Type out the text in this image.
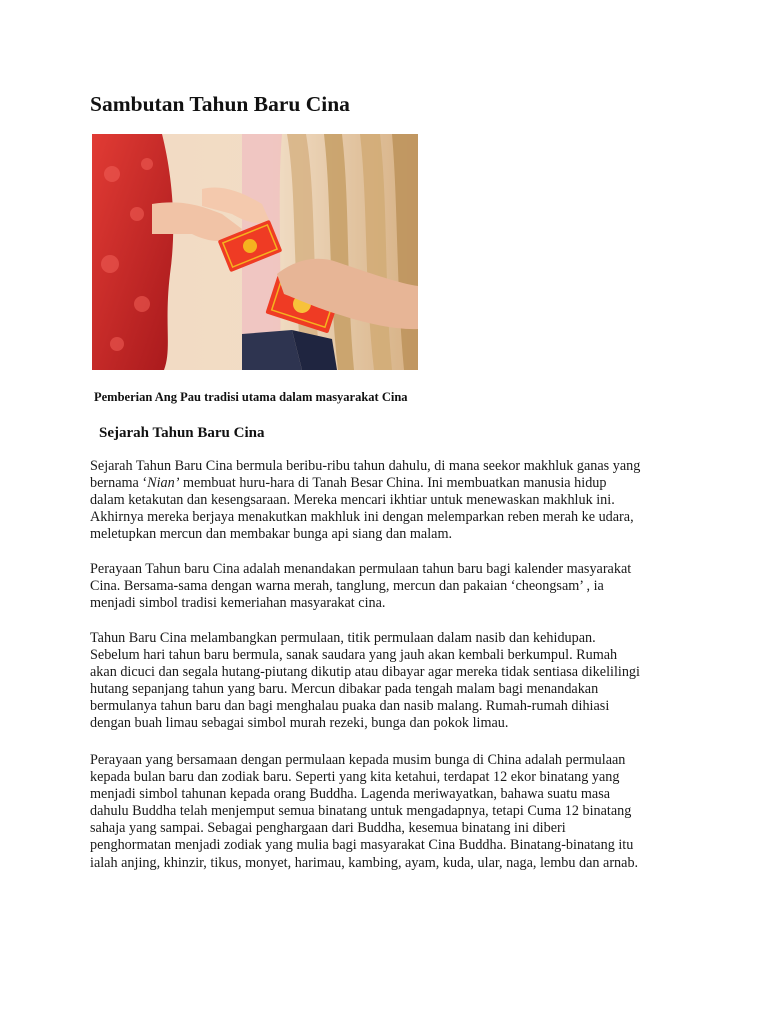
Sambutan Tahun Baru Cina
Pemberian Ang Pau tradisi utama dalam masyarakat Cina
Sejarah Tahun Baru Cina
Sejarah Tahun Baru Cina bermula beribu-ribu tahun dahulu, di mana seekor makhluk ganas yang
bernama ‘Nian’ membuat huru-hara di Tanah Besar China. Ini membuatkan manusia hidup
dalam ketakutan dan kesengsaraan. Mereka mencari ikhtiar untuk menewaskan makhluk ini.
Akhirnya mereka berjaya menakutkan makhluk ini dengan melemparkan reben merah ke udara,
meletupkan mercun dan membakar bunga api siang dan malam.
Perayaan Tahun baru Cina adalah menandakan permulaan tahun baru bagi kalender masyarakat
Cina. Bersama-sama dengan warna merah, tanglung, mercun dan pakaian ‘cheongsam’ , ia
menjadi simbol tradisi kemeriahan masyarakat cina.
Tahun Baru Cina melambangkan permulaan, titik permulaan dalam nasib dan kehidupan.
Sebelum hari tahun baru bermula, sanak saudara yang jauh akan kembali berkumpul. Rumah
akan dicuci dan segala hutang-piutang dikutip atau dibayar agar mereka tidak sentiasa dikelilingi
hutang sepanjang tahun yang baru. Mercun dibakar pada tengah malam bagi menandakan
bermulanya tahun baru dan bagi menghalau puaka dan nasib malang. Rumah-rumah dihiasi
dengan buah limau sebagai simbol murah rezeki, bunga dan pokok limau.
Perayaan yang bersamaan dengan permulaan kepada musim bunga di China adalah permulaan
kepada bulan baru dan zodiak baru. Seperti yang kita ketahui, terdapat 12 ekor binatang yang
menjadi simbol tahunan kepada orang Buddha. Lagenda meriwayatkan, bahawa suatu masa
dahulu Buddha telah menjemput semua binatang untuk mengadapnya, tetapi Cuma 12 binatang
sahaja yang sampai. Sebagai penghargaan dari Buddha, kesemua binatang ini diberi
penghormatan menjadi zodiak yang mulia bagi masyarakat Cina Buddha. Binatang-binatang itu
ialah anjing, khinzir, tikus, monyet, harimau, kambing, ayam, kuda, ular, naga, lembu dan arnab.
